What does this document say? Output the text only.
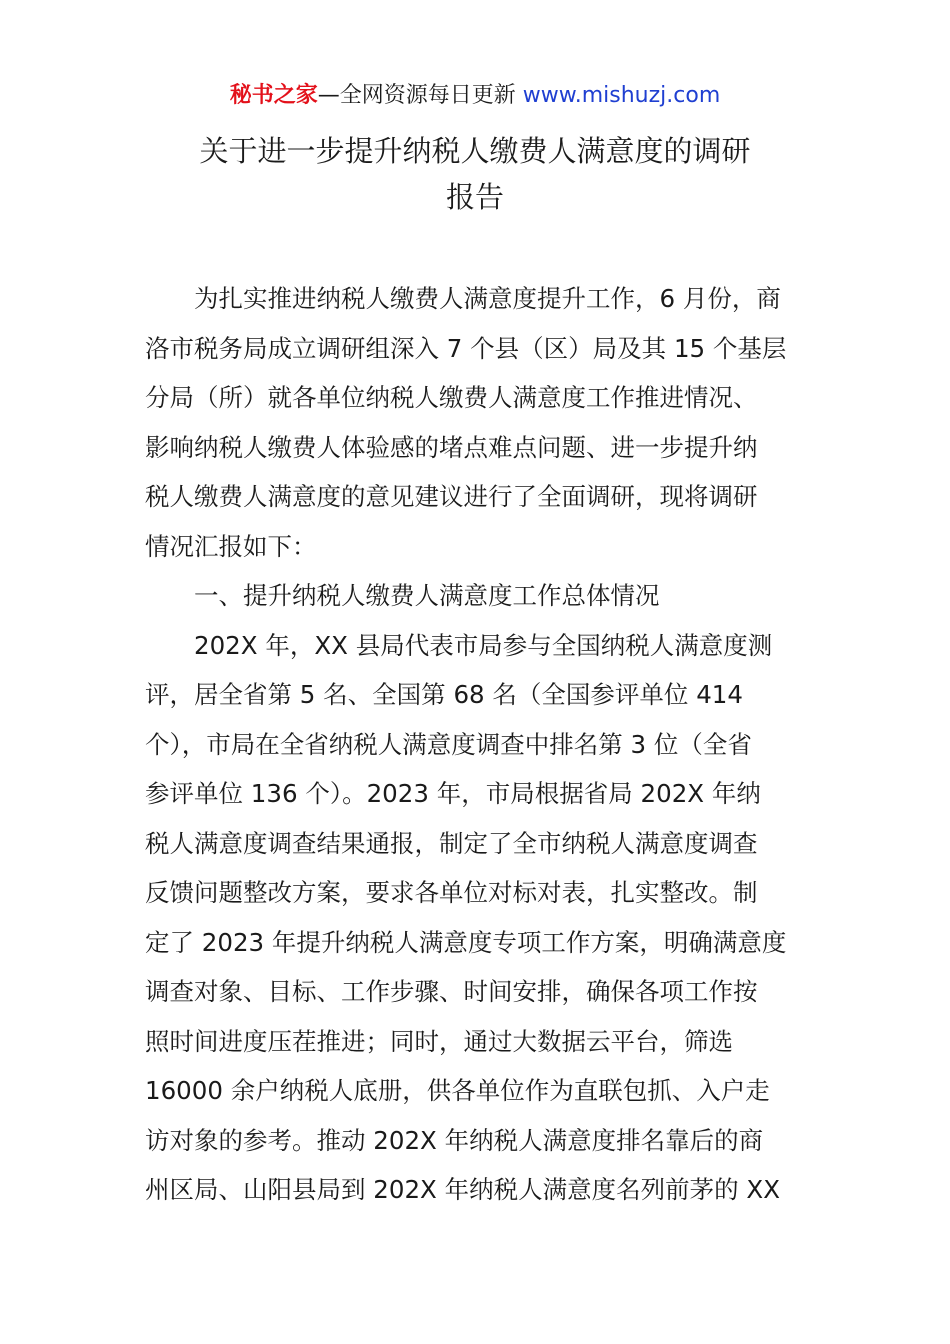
秘书之家—全网资源每日更新 www.mishuzj.com
关于进一步提升纳税人缴费人满意度的调研
报告

为扎实推进纳税人缴费人满意度提升工作，6 月份，商
洛市税务局成立调研组深入 7 个县（区）局及其 15 个基层
分局（所）就各单位纳税人缴费人满意度工作推进情况、
影响纳税人缴费人体验感的堵点难点问题、进一步提升纳
税人缴费人满意度的意见建议进行了全面调研，现将调研
情况汇报如下：

一、提升纳税人缴费人满意度工作总体情况

202X 年，XX 县局代表市局参与全国纳税人满意度测
评，居全省第 5 名、全国第 68 名（全国参评单位 414
个），市局在全省纳税人满意度调查中排名第 3 位（全省
参评单位 136 个）。2023 年，市局根据省局 202X 年纳
税人满意度调查结果通报，制定了全市纳税人满意度调查
反馈问题整改方案，要求各单位对标对表，扎实整改。制
定了 2023 年提升纳税人满意度专项工作方案，明确满意度
调查对象、目标、工作步骤、时间安排，确保各项工作按
照时间进度压茬推进；同时，通过大数据云平台，筛选
16000 余户纳税人底册，供各单位作为直联包抓、入户走
访对象的参考。推动 202X 年纳税人满意度排名靠后的商
州区局、山阳县局到 202X 年纳税人满意度名列前茅的 XX
